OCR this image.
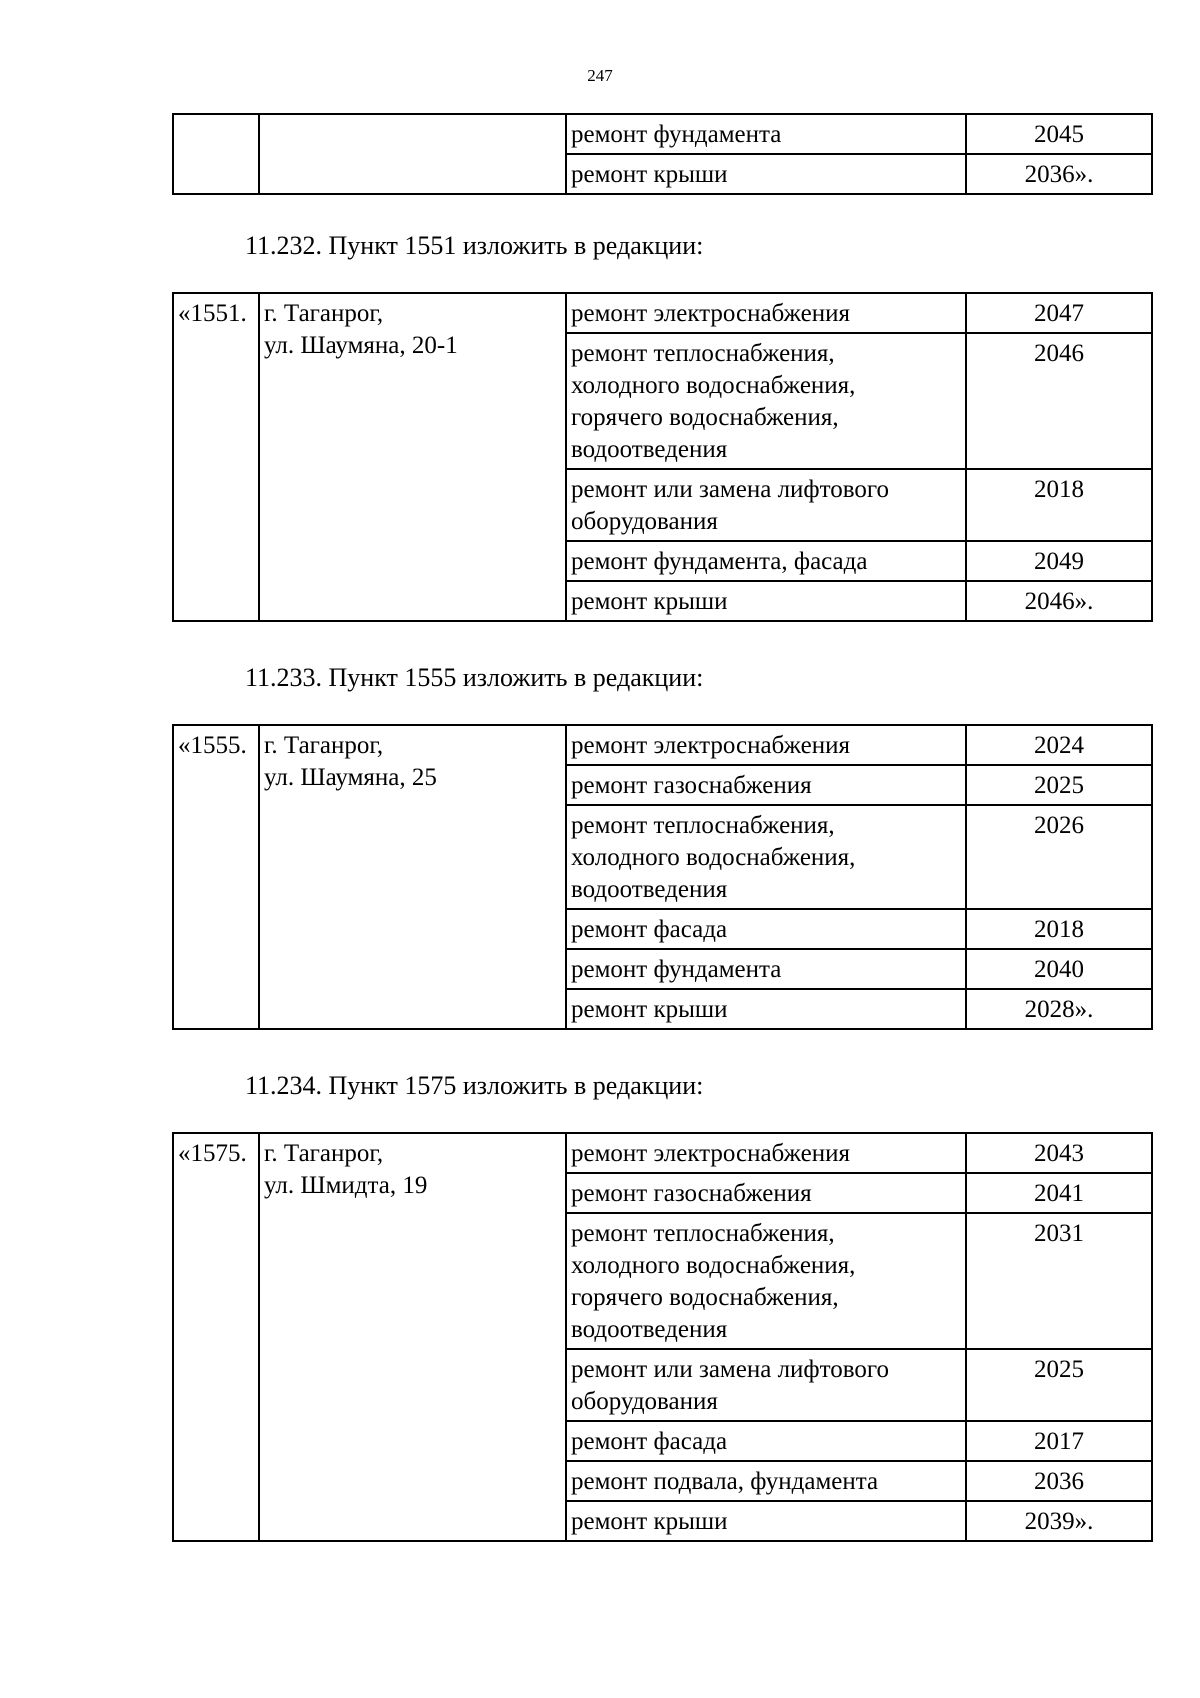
247

		ремонт фундамента	2045

		ремонт крыши	2036».
11.232. Пункт 1551 изложить в редакции:
«1551.	г. Таганрог,
ул. Шаумяна, 20-1	ремонт электроснабжения	2047

		ремонт теплоснабжения,
холодного водоснабжения,
горячего водоснабжения,
водоотведения	2046

		ремонт или замена лифтового
оборудования	2018

		ремонт фундамента, фасада	2049

		ремонт крыши	2046».
11.233. Пункт 1555 изложить в редакции:
«1555.	г. Таганрог,
ул. Шаумяна, 25	ремонт электроснабжения	2024

		ремонт газоснабжения	2025

		ремонт теплоснабжения,
холодного водоснабжения,
водоотведения	2026

		ремонт фасада	2018

		ремонт фундамента	2040

		ремонт крыши	2028».
11.234. Пункт 1575 изложить в редакции:
«1575.	г. Таганрог,
ул. Шмидта, 19	ремонт электроснабжения	2043

		ремонт газоснабжения	2041

		ремонт теплоснабжения,
холодного водоснабжения,
горячего водоснабжения,
водоотведения	2031

		ремонт или замена лифтового
оборудования	2025

		ремонт фасада	2017

		ремонт подвала, фундамента	2036

		ремонт крыши	2039».
